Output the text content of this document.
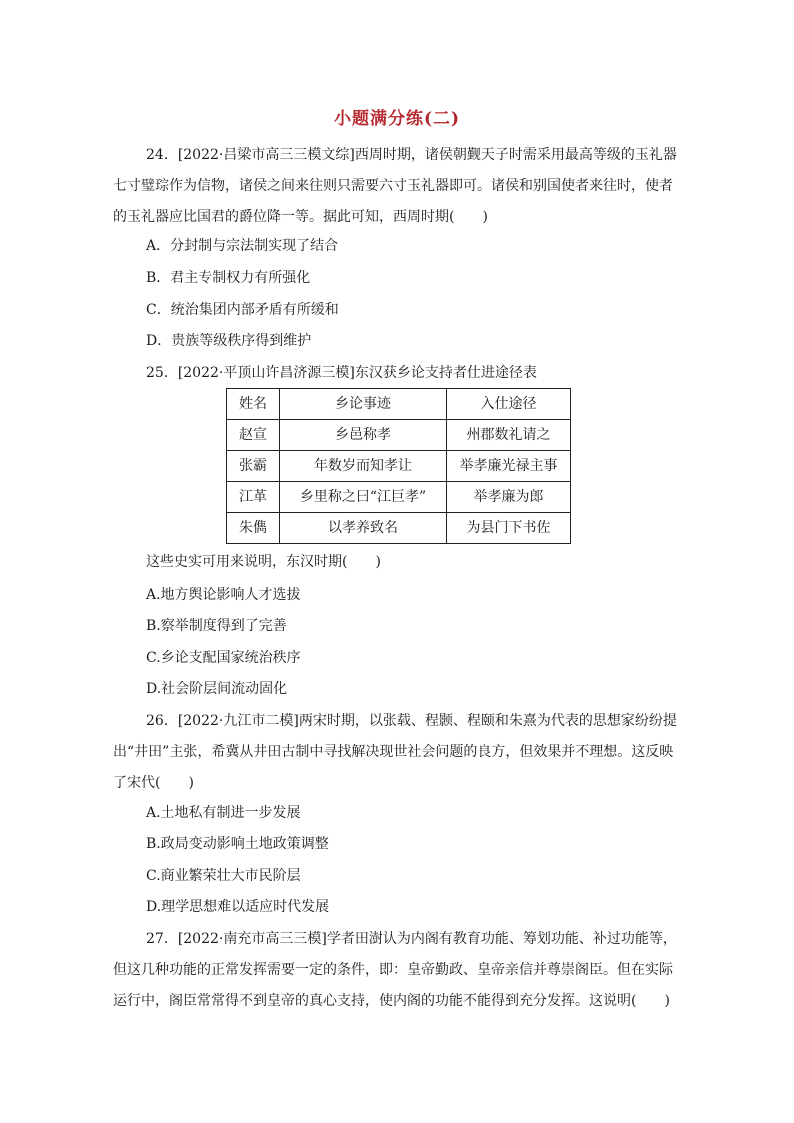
小题满分练(二)

24．[2022·吕梁市高三三模文综]西周时期，诸侯朝觐天子时需采用最高等级的玉礼器七寸璧琮作为信物，诸侯之间来往则只需要六寸玉礼器即可。诸侯和别国使者来往时，使者的玉礼器应比国君的爵位降一等。据此可知，西周时期(　　)

A．分封制与宗法制实现了结合
B．君主专制权力有所强化
C．统治集团内部矛盾有所缓和
D．贵族等级秩序得到维护

25．[2022·平顶山许昌济源三模]东汉获乡论支持者仕进途径表

姓名	乡论事迹	入仕途径
赵宣	乡邑称孝	州郡数礼请之
张霸	年数岁而知孝让	举孝廉光禄主事
江革	乡里称之曰“江巨孝”	举孝廉为郎
朱儁	以孝养致名	为县门下书佐
这些史实可用来说明，东汉时期(　　)
A.地方舆论影响人才选拔
B.察举制度得到了完善
C.乡论支配国家统治秩序
D.社会阶层间流动固化

26．[2022·九江市二模]两宋时期，以张载、程颢、程颐和朱熹为代表的思想家纷纷提出“井田”主张，希冀从井田古制中寻找解决现世社会问题的良方，但效果并不理想。这反映了宋代(　　)

A.土地私有制进一步发展
B.政局变动影响土地政策调整
C.商业繁荣壮大市民阶层
D.理学思想难以适应时代发展

27．[2022·南充市高三三模]学者田澍认为内阁有教育功能、筹划功能、补过功能等，但这几种功能的正常发挥需要一定的条件，即：皇帝勤政、皇帝亲信并尊崇阁臣。但在实际运行中，阁臣常常得不到皇帝的真心支持，使内阁的功能不能得到充分发挥。这说明(　　)
